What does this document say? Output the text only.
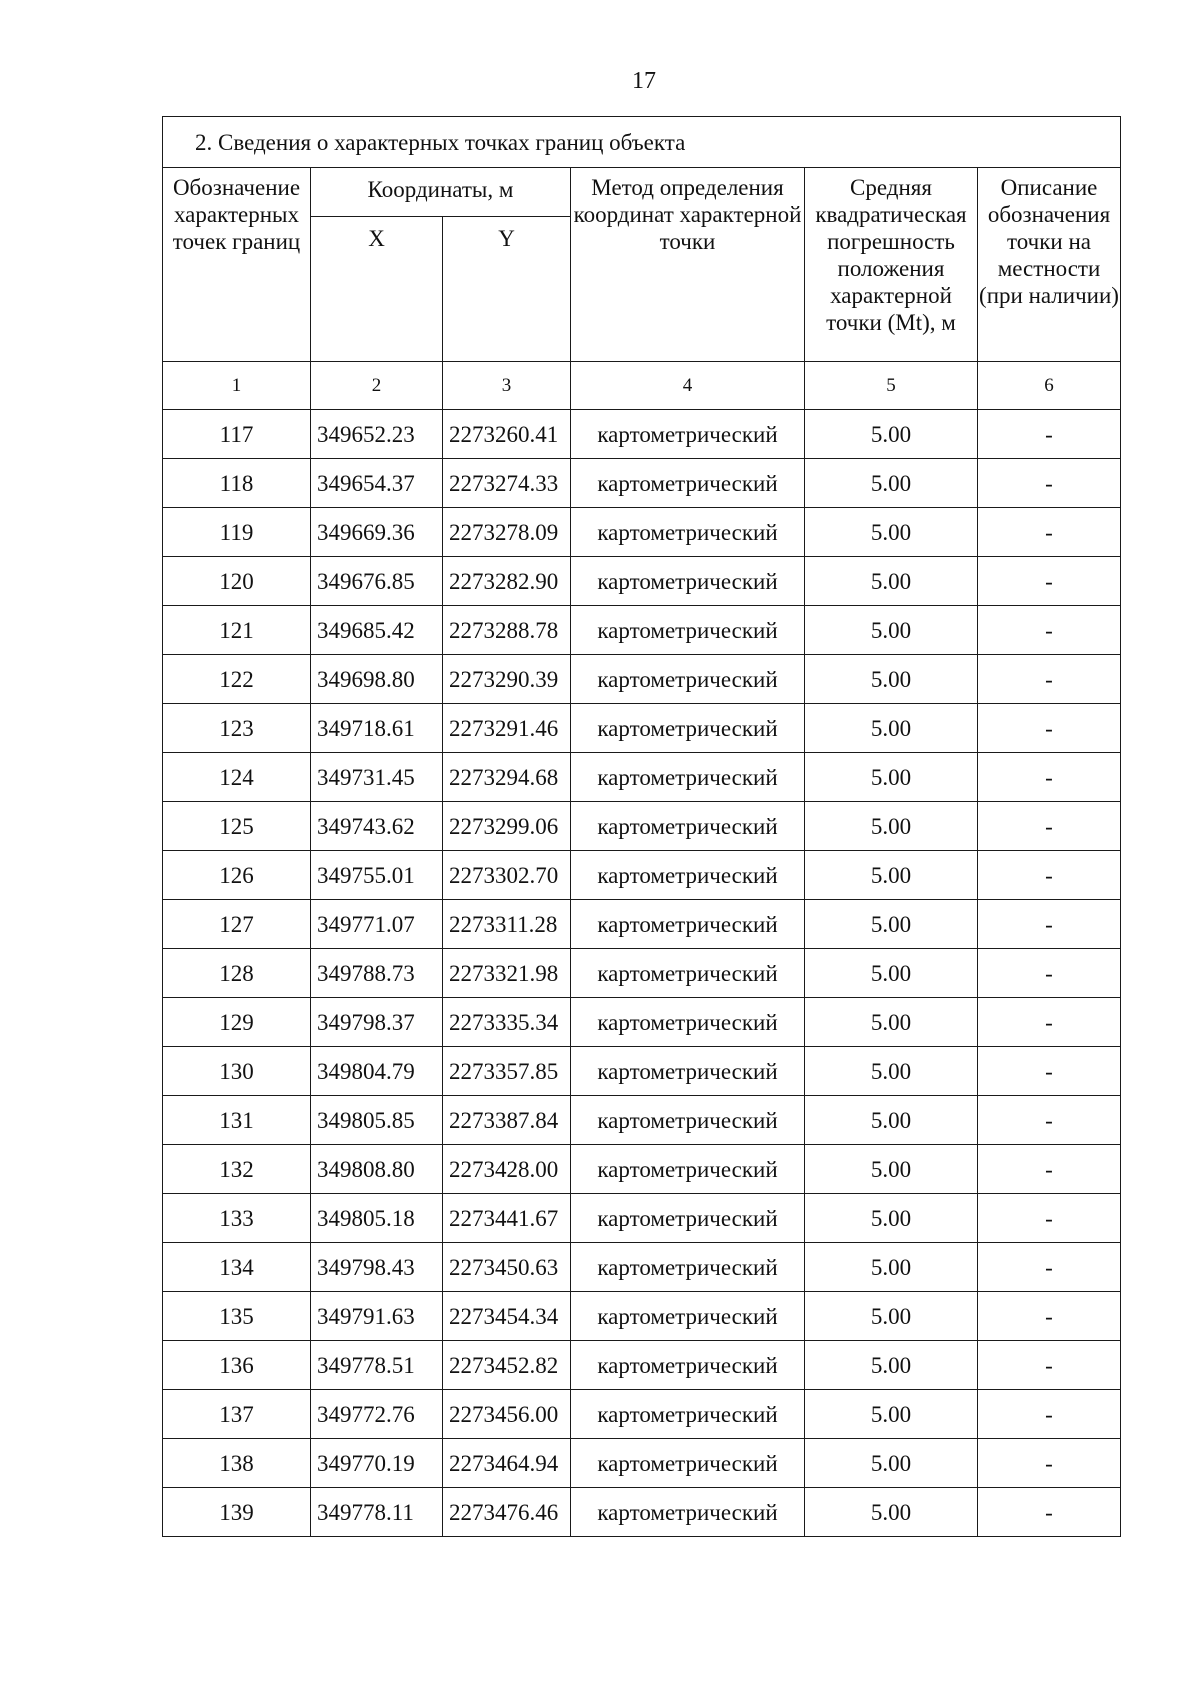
17
2. Сведения о характерных точках границ объекта					
Обозначение характерных точек границ	Координаты, м		Метод определения координат характерной точки	Средняя квадратическая погрешность положения характерной точки (Mt), м	Описание обозначения точки на местности (при наличии)
	X	Y			
1	2	3	4	5	6
117	349652.23	2273260.41	картометрический	5.00	-
118	349654.37	2273274.33	картометрический	5.00	-
119	349669.36	2273278.09	картометрический	5.00	-
120	349676.85	2273282.90	картометрический	5.00	-
121	349685.42	2273288.78	картометрический	5.00	-
122	349698.80	2273290.39	картометрический	5.00	-
123	349718.61	2273291.46	картометрический	5.00	-
124	349731.45	2273294.68	картометрический	5.00	-
125	349743.62	2273299.06	картометрический	5.00	-
126	349755.01	2273302.70	картометрический	5.00	-
127	349771.07	2273311.28	картометрический	5.00	-
128	349788.73	2273321.98	картометрический	5.00	-
129	349798.37	2273335.34	картометрический	5.00	-
130	349804.79	2273357.85	картометрический	5.00	-
131	349805.85	2273387.84	картометрический	5.00	-
132	349808.80	2273428.00	картометрический	5.00	-
133	349805.18	2273441.67	картометрический	5.00	-
134	349798.43	2273450.63	картометрический	5.00	-
135	349791.63	2273454.34	картометрический	5.00	-
136	349778.51	2273452.82	картометрический	5.00	-
137	349772.76	2273456.00	картометрический	5.00	-
138	349770.19	2273464.94	картометрический	5.00	-
139	349778.11	2273476.46	картометрический	5.00	-
